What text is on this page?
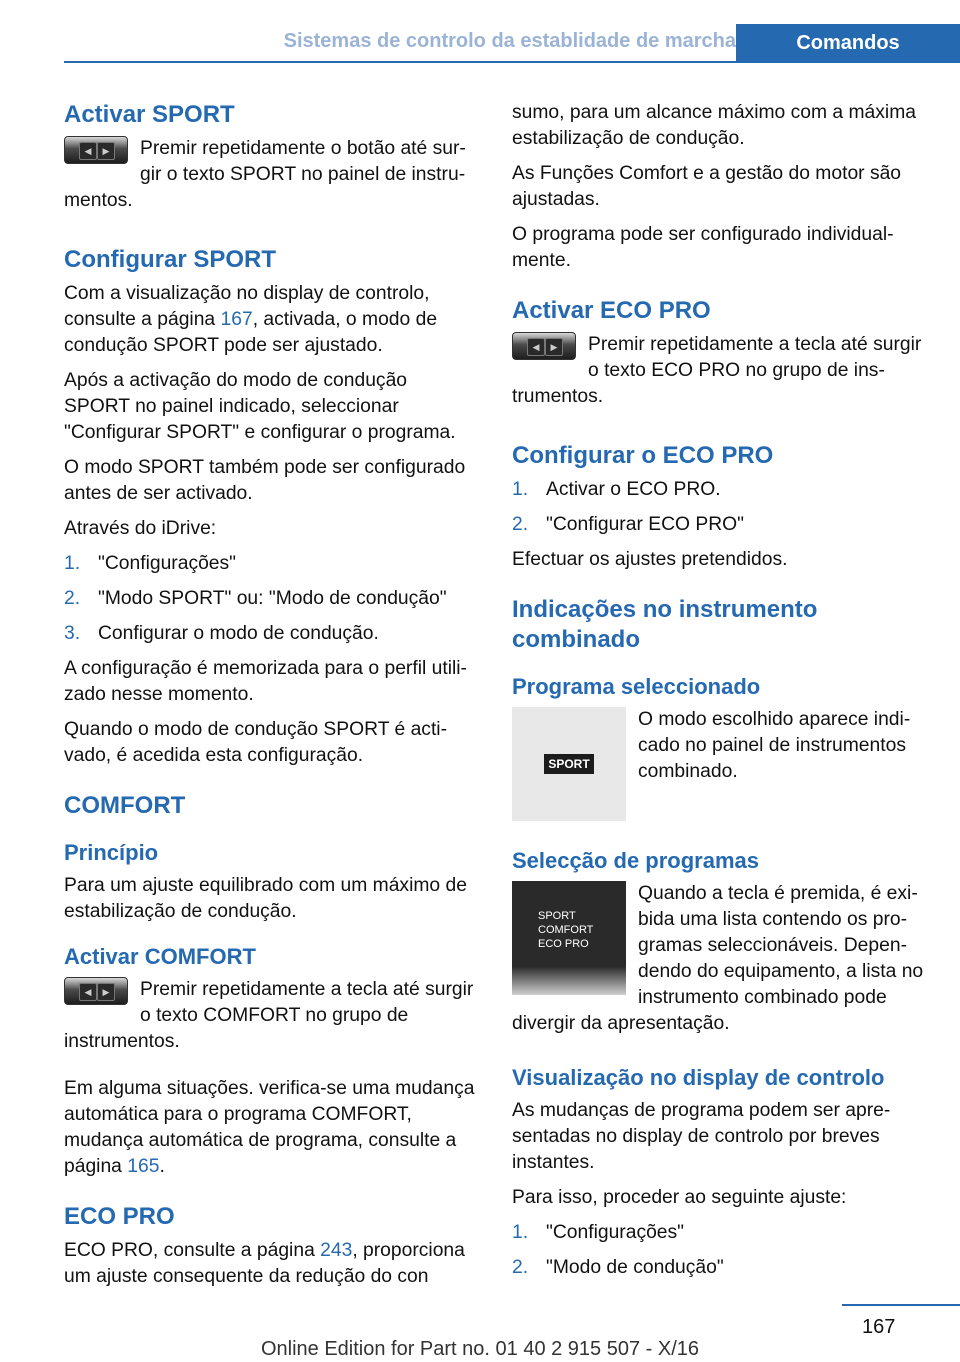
Sistemas de controlo da establidade de marcha	Comandos
Activar SPORT
◀	▶	Premir repetidamente o botão até surgir o texto SPORT no painel de instrumentos.

Configurar SPORT

Com a visualização no display de controlo, consulte a página 167, activada, o modo de condução SPORT pode ser ajustado.

Após a activação do modo de condução SPORT no painel indicado, seleccionar "Configurar SPORT" e configurar o programa.

O modo SPORT também pode ser configurado antes de ser activado.

Através do iDrive:

1. "Configurações"
2. "Modo SPORT" ou: "Modo de condução"
3. Configurar o modo de condução.

A configuração é memorizada para o perfil utilizado nesse momento.

Quando o modo de condução SPORT é activado, é acedida esta configuração.

COMFORT
Princípio

Para um ajuste equilibrado com um máximo de estabilização de condução.

Activar COMFORT
◀	▶	Premir repetidamente a tecla até surgir o texto COMFORT no grupo de instrumentos.

Em alguma situações. verifica-se uma mudança automática para o programa COMFORT, mudança automática de programa, consulte a página 165.

ECO PRO

ECO PRO, consulte a página 243, proporciona um ajuste consequente da redução do con

sumo, para um alcance máximo com a máxima estabilização de condução.

As Funções Comfort e a gestão do motor são ajustadas.

O programa pode ser configurado individualmente.

Activar ECO PRO
◀	▶	Premir repetidamente a tecla até surgir o texto ECO PRO no grupo de instrumentos.

Configurar o ECO PRO
1. Activar o ECO PRO.
2. "Configurar ECO PRO"

Efectuar os ajustes pretendidos.

Indicações no instrumento combinado
Programa seleccionado
SPORT

O modo escolhido aparece indicado no painel de instrumentos combinado.

Selecção de programas
SPORT
COMFORT
ECO PRO

Quando a tecla é premida, é exibida uma lista contendo os programas seleccionáveis. Dependendo do equipamento, a lista no instrumento combinado pode divergir da apresentação.

Visualização no display de controlo

As mudanças de programa podem ser apresentadas no display de controlo por breves instantes.

Para isso, proceder ao seguinte ajuste:

1. "Configurações"
2. "Modo de condução"
167
Online Edition for Part no. 01 40 2 915 507 - X/16
